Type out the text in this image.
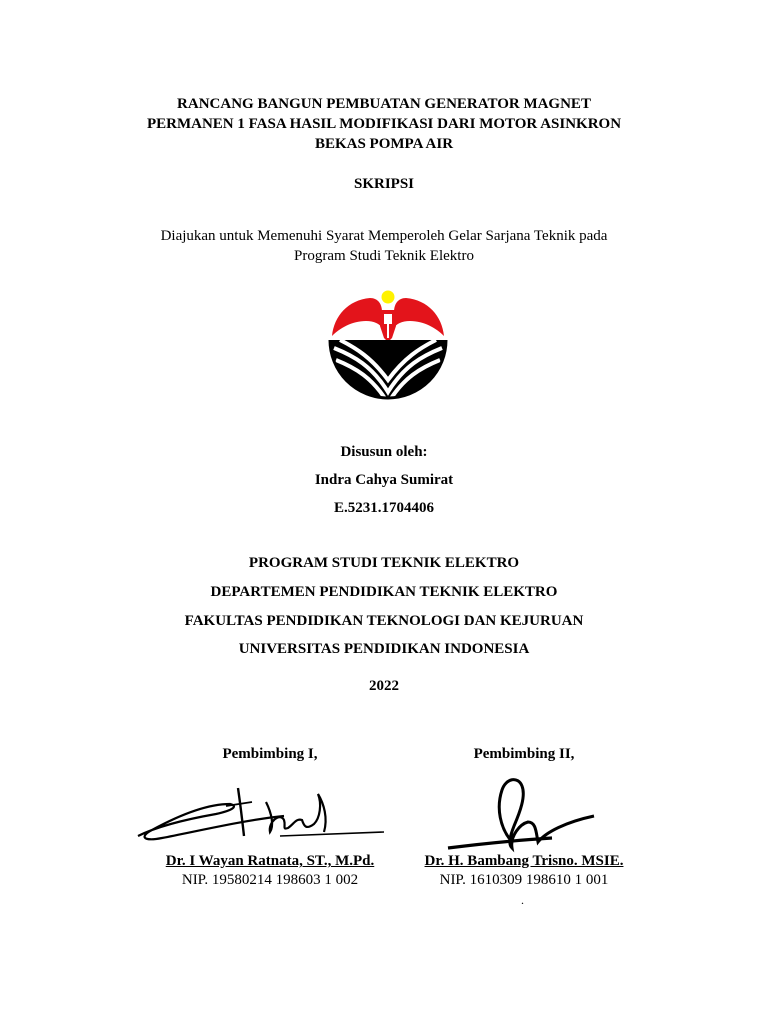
RANCANG BANGUN PEMBUATAN GENERATOR MAGNET
PERMANEN 1 FASA HASIL MODIFIKASI DARI MOTOR ASINKRON
BEKAS POMPA AIR
SKRIPSI
Diajukan untuk Memenuhi Syarat Memperoleh Gelar Sarjana Teknik pada
Program Studi Teknik Elektro
Disusun oleh:
Indra Cahya Sumirat
E.5231.1704406
PROGRAM STUDI TEKNIK ELEKTRO
DEPARTEMEN PENDIDIKAN TEKNIK ELEKTRO
FAKULTAS PENDIDIKAN TEKNOLOGI DAN KEJURUAN
UNIVERSITAS PENDIDIKAN INDONESIA
2022
Pembimbing I,
Dr. I Wayan Ratnata, ST., M.Pd.
NIP. 19580214 198603 1 002
Pembimbing II,
Dr. H. Bambang Trisno. MSIE.
NIP. 1610309 198610 1 001
.
